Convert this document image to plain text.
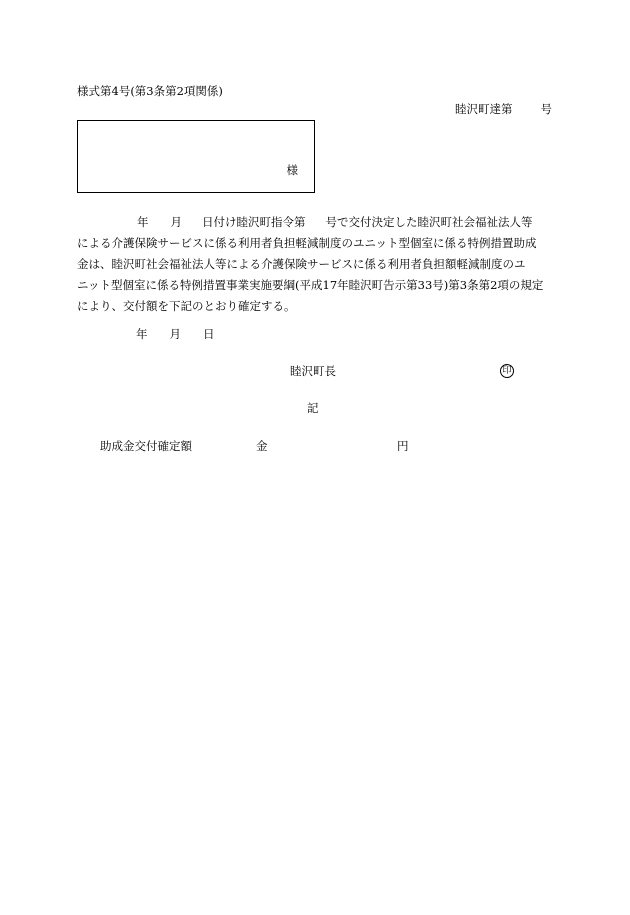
様式第4号(第3条第2項関係)
睦沢町達第 号
様
年 月 日付け睦沢町指令第 号で交付決定した睦沢町社会福祉法人等
による介護保険サービスに係る利用者負担軽減制度のユニット型個室に係る特例措置助成
金は、睦沢町社会福祉法人等による介護保険サービスに係る利用者負担額軽減制度のユ
ニット型個室に係る特例措置事業実施要綱(平成17年睦沢町告示第33号)第3条第2項の規定
により、交付額を下記のとおり確定する。
年 月 日
睦沢町長	印
記
助成金交付確定額	金	円
